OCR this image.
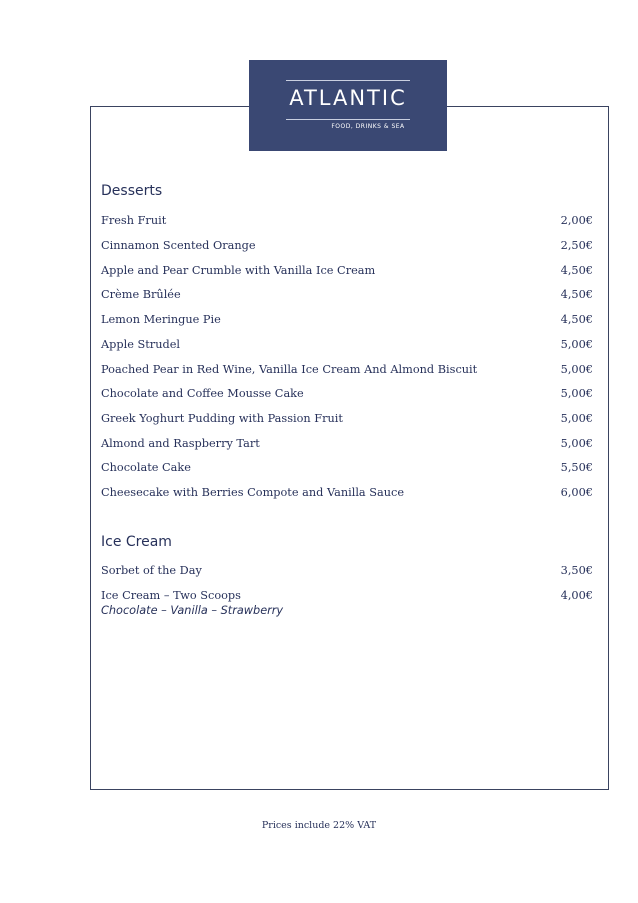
ATLANTIC
FOOD, DRINKS & SEA
Desserts
Fresh Fruit	2,00€
Cinnamon Scented Orange	2,50€
Apple and Pear Crumble with Vanilla Ice Cream	4,50€
Crème Brûlée	4,50€
Lemon Meringue Pie	4,50€
Apple Strudel	5,00€
Poached Pear in Red Wine, Vanilla Ice Cream And Almond Biscuit	5,00€
Chocolate and Coffee Mousse Cake	5,00€
Greek Yoghurt Pudding with Passion Fruit	5,00€
Almond and Raspberry Tart	5,00€
Chocolate Cake	5,50€
Cheesecake with Berries Compote and Vanilla Sauce	6,00€
Ice Cream
Sorbet of the Day	3,50€
Ice Cream – Two Scoops	4,00€
Chocolate – Vanilla – Strawberry
Prices include 22% VAT
